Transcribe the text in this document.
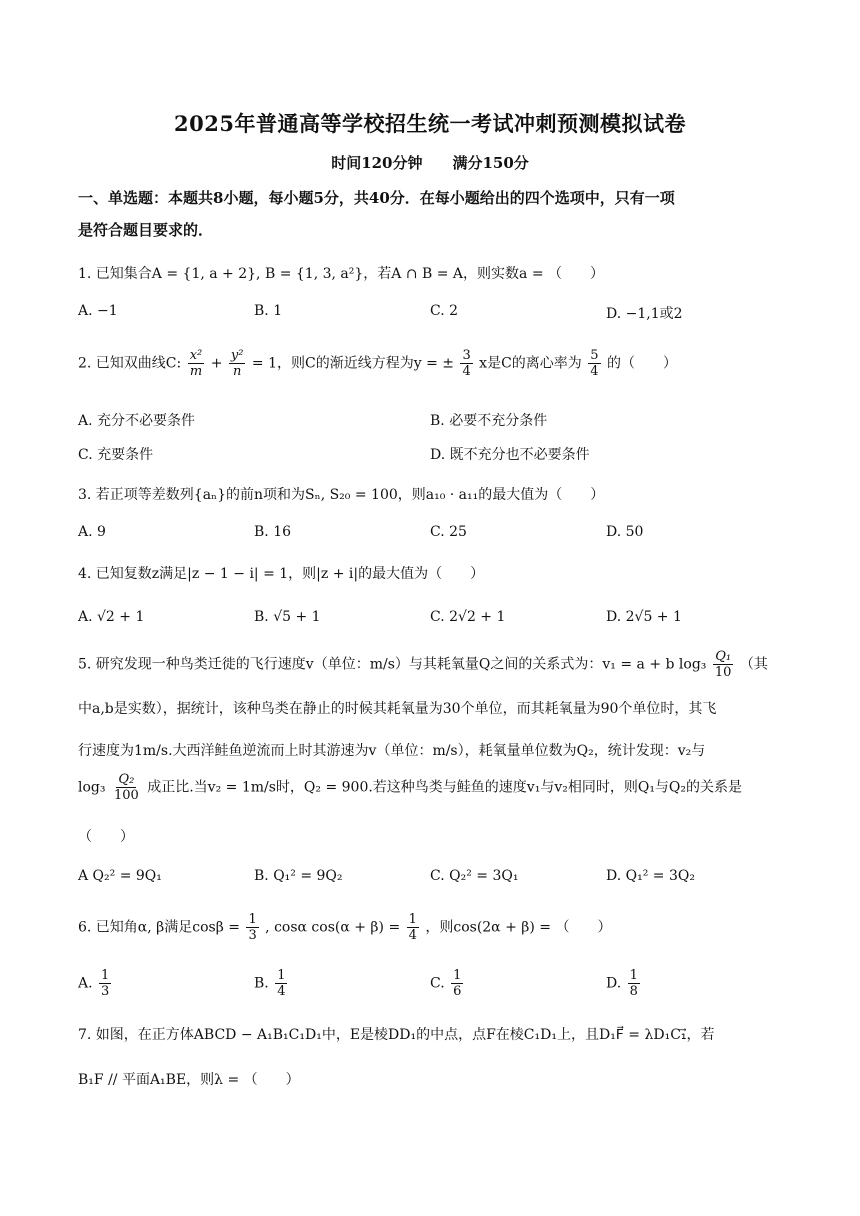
2025年普通高等学校招生统一考试冲刺预测模拟试卷
时间120分钟　　满分150分
一、单选题：本题共8小题，每小题5分，共40分．在每小题给出的四个选项中，只有一项
是符合题目要求的．
1. 已知集合A = {1, a + 2}, B = {1, 3, a²}，若A ∩ B = A，则实数a = （　　）
A. −1	B. 1	C. 2	D. −1,1或2
2. 已知双曲线C: $\frac{\text{x²}}{m} + \frac{\text{y²}}{n} = 1$，则C的渐近线方程为y = ± $\frac{3}{4}$ x是C的离心率为 $\frac{5}{4}$ 的（　　）
A. 充分不必要条件	B. 必要不充分条件
C. 充要条件	D. 既不充分也不必要条件
3. 若正项等差数列{aₙ}的前n项和为Sₙ, S₂₀ = 100，则a₁₀ · a₁₁的最大值为（　　）
A. 9	B. 16	C. 25	D. 50
4. 已知复数z满足|z − 1 − i| = 1，则|z + i|的最大值为（　　）
A. √2 + 1	B. √5 + 1	C. 2√2 + 1	D. 2√5 + 1
5. 研究发现一种鸟类迁徙的飞行速度v（单位：m/s）与其耗氧量Q之间的关系式为：v₁ = a + b $\log_3 \frac{\text{Q₁}}{10}$ （其
中a,b是实数），据统计，该种鸟类在静止的时候其耗氧量为30个单位，而其耗氧量为90个单位时，其飞
行速度为1m/s.大西洋鲑鱼逆流而上时其游速为v（单位：m/s），耗氧量单位数为Q₂，统计发现：v₂与
$\log_3 \frac{\text{Q₂}}{100}$ 成正比.当v₂ = 1m/s时，Q₂ = 900.若这种鸟类与鲑鱼的速度v₁与v₂相同时，则Q₁与Q₂的关系是
（　　）
A Q₂² = 9Q₁	B. Q₁² = 9Q₂	C. Q₂² = 3Q₁	D. Q₁² = 3Q₂
6. 已知角α, β满足$\cos\beta = \frac{1}{3}$ , cosα $\cos(\alpha + \beta) = \frac{1}{4}$ ，则cos(2α + β) = （　　）
A. $\frac{1}{3}$	B. $\frac{1}{4}$	C. $\frac{1}{6}$	D. $\frac{1}{8}$
7. 如图，在正方体ABCD − A₁B₁C₁D₁中，E是棱DD₁的中点，点F在棱C₁D₁上，且D₁F⃗ = λD₁C₁⃗，若
B₁F // 平面A₁BE，则λ = （　　）
